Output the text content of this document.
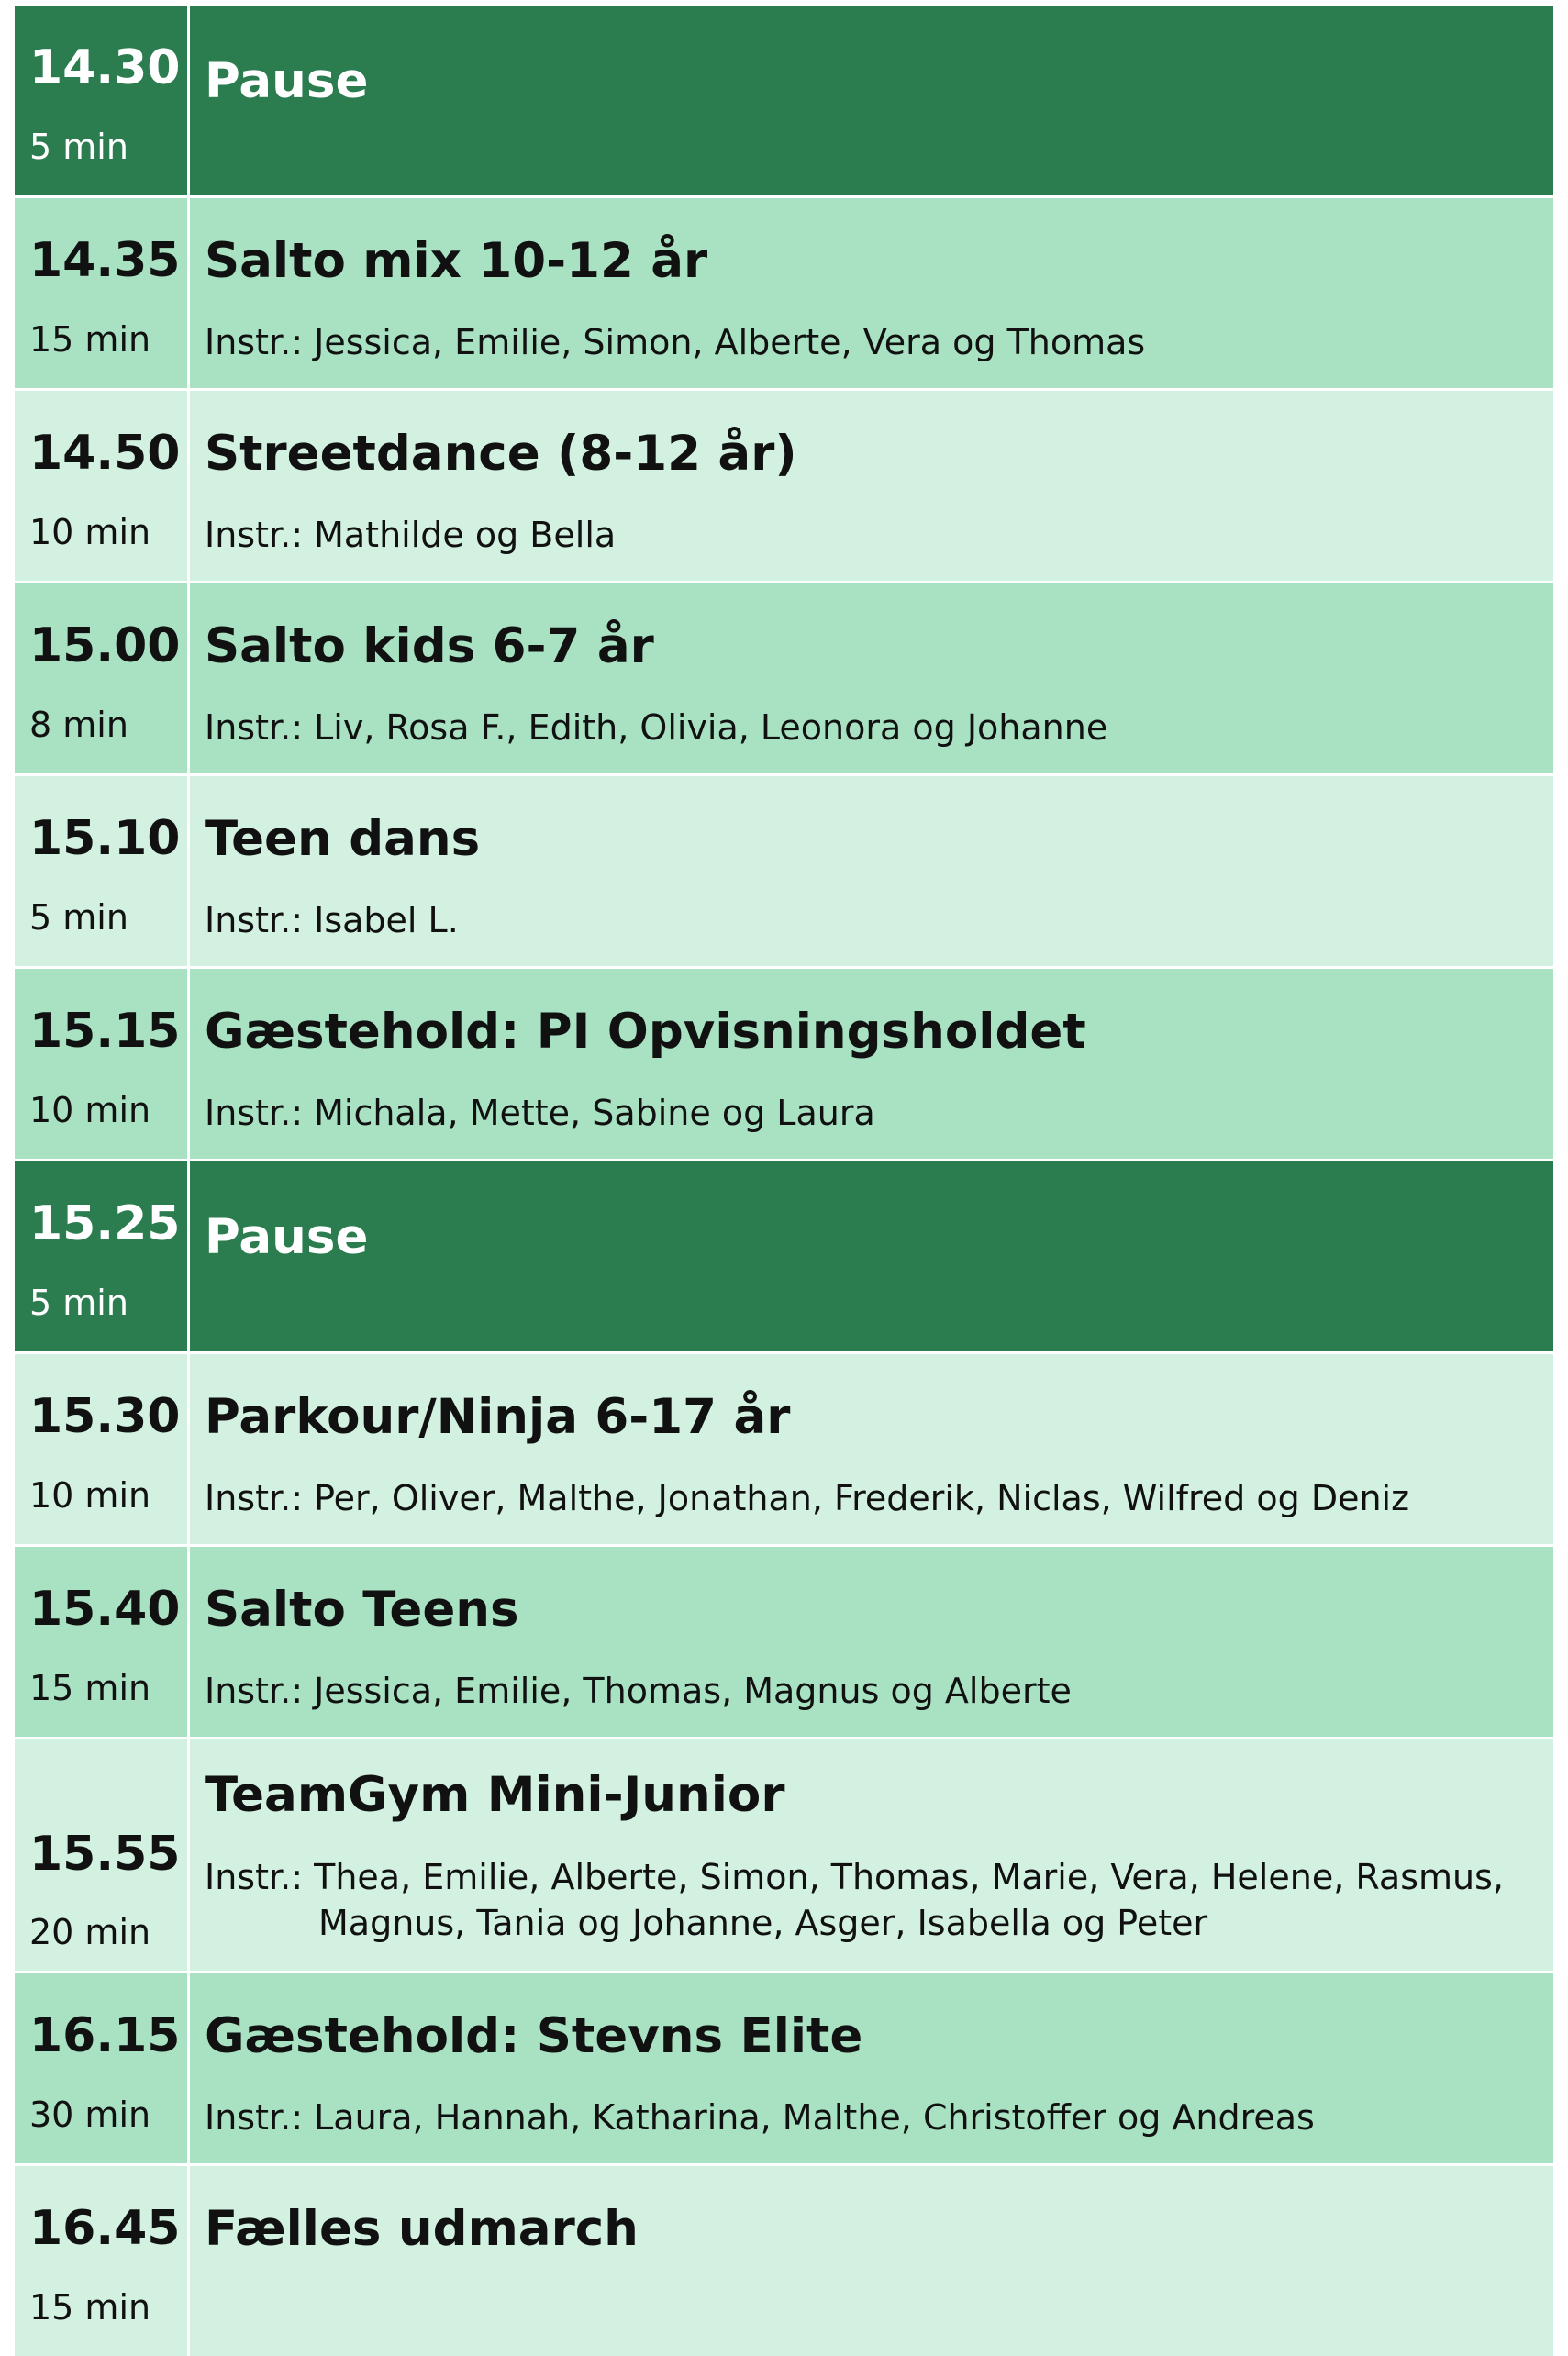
14.30
5 min
Pause
14.35
15 min
Salto mix 10-12 år
Instr.: Jessica, Emilie, Simon, Alberte, Vera og Thomas
14.50
10 min
Streetdance (8-12 år)
Instr.: Mathilde og Bella
15.00
8 min
Salto kids 6-7 år
Instr.: Liv, Rosa F., Edith, Olivia, Leonora og Johanne
15.10
5 min
Teen dans
Instr.: Isabel L.
15.15
10 min
Gæstehold: PI Opvisningsholdet
Instr.: Michala, Mette, Sabine og Laura
15.25
5 min
Pause
15.30
10 min
Parkour/Ninja 6-17 år
Instr.: Per, Oliver, Malthe, Jonathan, Frederik, Niclas, Wilfred og Deniz
15.40
15 min
Salto Teens
Instr.: Jessica, Emilie, Thomas, Magnus og Alberte
15.55
20 min
TeamGym Mini-Junior
Instr.: Thea, Emilie, Alberte, Simon, Thomas, Marie, Vera, Helene, Rasmus,
Magnus, Tania og Johanne, Asger, Isabella og Peter
16.15
30 min
Gæstehold: Stevns Elite
Instr.: Laura, Hannah, Katharina, Malthe, Christoffer og Andreas
16.45
15 min
Fælles udmarch
